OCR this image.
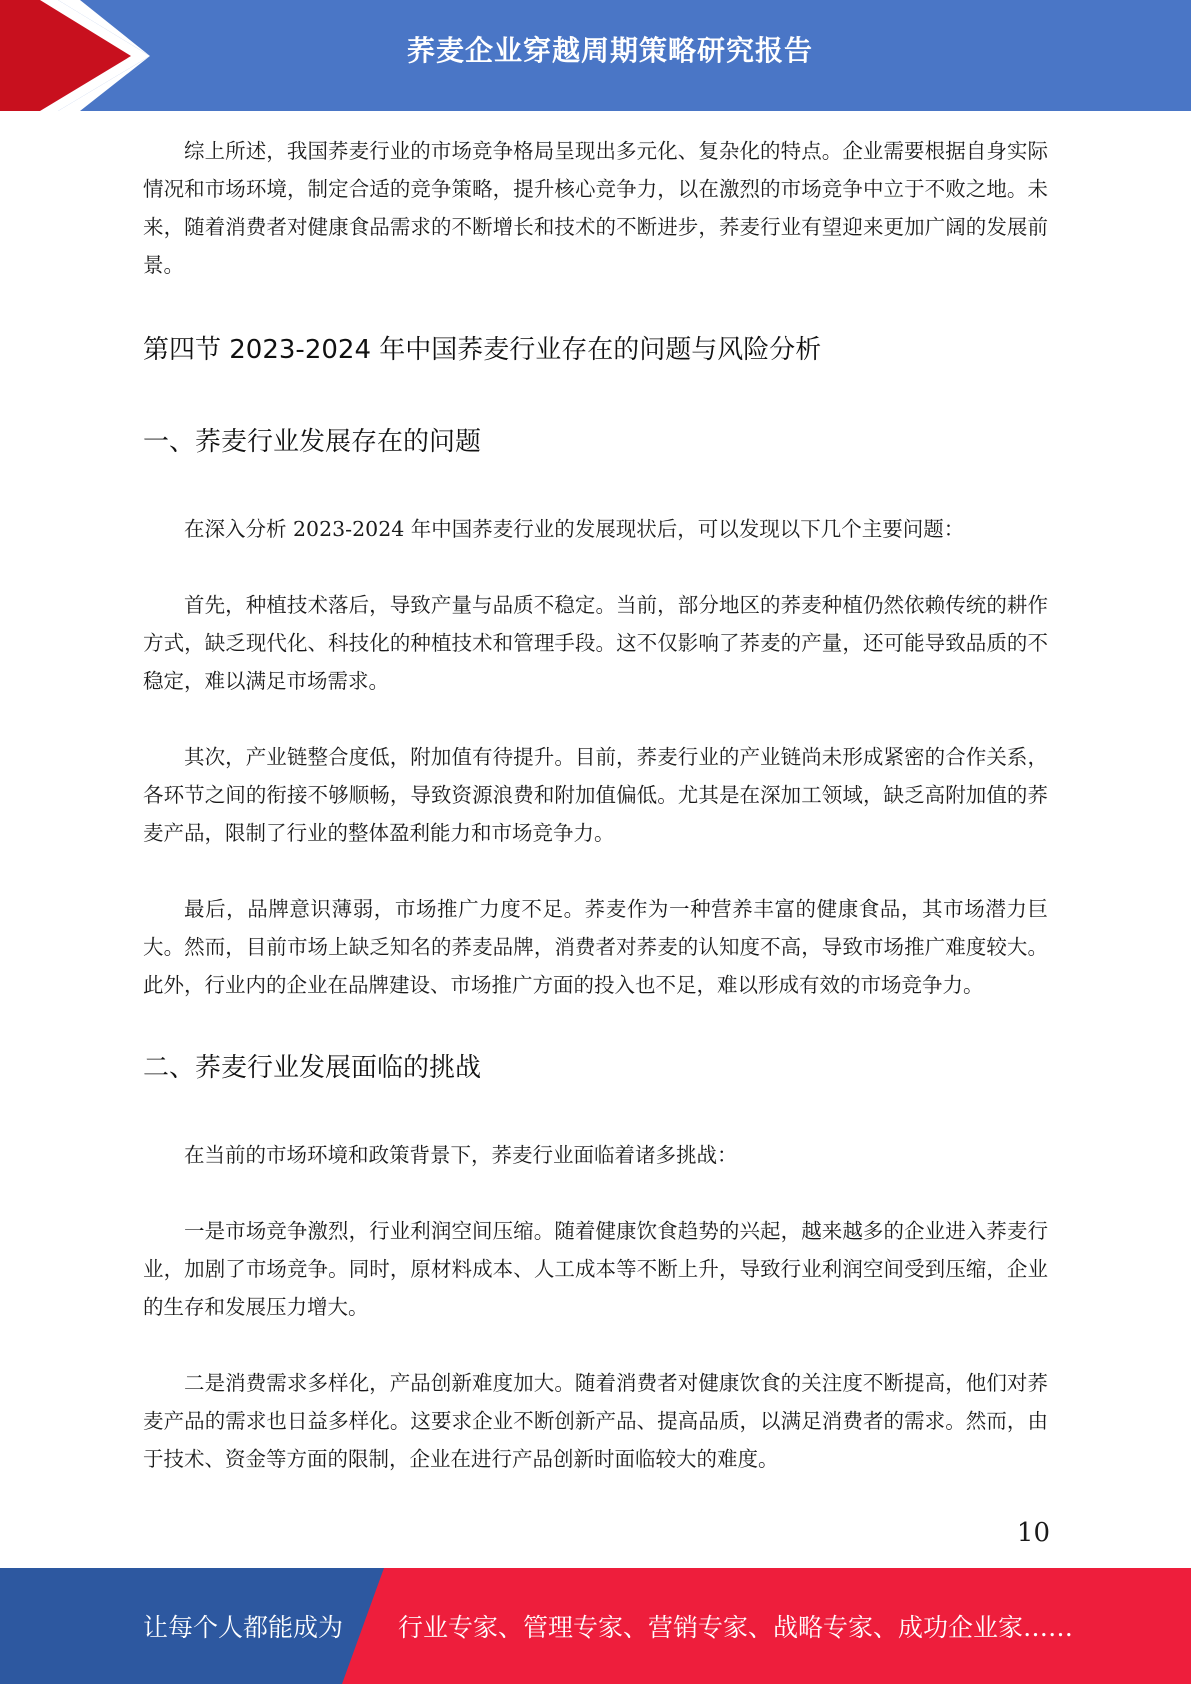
荞麦企业穿越周期策略研究报告

综上所述，我国荞麦行业的市场竞争格局呈现出多元化、复杂化的特点。企业需要根据自身实际情况和市场环境，制定合适的竞争策略，提升核心竞争力，以在激烈的市场竞争中立于不败之地。未来，随着消费者对健康食品需求的不断增长和技术的不断进步，荞麦行业有望迎来更加广阔的发展前景。

第四节 2023-2024 年中国荞麦行业存在的问题与风险分析
一、荞麦行业发展存在的问题

在深入分析 2023-2024 年中国荞麦行业的发展现状后，可以发现以下几个主要问题：

首先，种植技术落后，导致产量与品质不稳定。当前，部分地区的荞麦种植仍然依赖传统的耕作方式，缺乏现代化、科技化的种植技术和管理手段。这不仅影响了荞麦的产量，还可能导致品质的不稳定，难以满足市场需求。

其次，产业链整合度低，附加值有待提升。目前，荞麦行业的产业链尚未形成紧密的合作关系，各环节之间的衔接不够顺畅，导致资源浪费和附加值偏低。尤其是在深加工领域，缺乏高附加值的荞麦产品，限制了行业的整体盈利能力和市场竞争力。

最后，品牌意识薄弱，市场推广力度不足。荞麦作为一种营养丰富的健康食品，其市场潜力巨大。然而，目前市场上缺乏知名的荞麦品牌，消费者对荞麦的认知度不高，导致市场推广难度较大。此外，行业内的企业在品牌建设、市场推广方面的投入也不足，难以形成有效的市场竞争力。

二、荞麦行业发展面临的挑战

在当前的市场环境和政策背景下，荞麦行业面临着诸多挑战：

一是市场竞争激烈，行业利润空间压缩。随着健康饮食趋势的兴起，越来越多的企业进入荞麦行业，加剧了市场竞争。同时，原材料成本、人工成本等不断上升，导致行业利润空间受到压缩，企业的生存和发展压力增大。

二是消费需求多样化，产品创新难度加大。随着消费者对健康饮食的关注度不断提高，他们对荞麦产品的需求也日益多样化。这要求企业不断创新产品、提高品质，以满足消费者的需求。然而，由于技术、资金等方面的限制，企业在进行产品创新时面临较大的难度。

10
让每个人都能成为 行业专家、管理专家、营销专家、战略专家、成功企业家……
